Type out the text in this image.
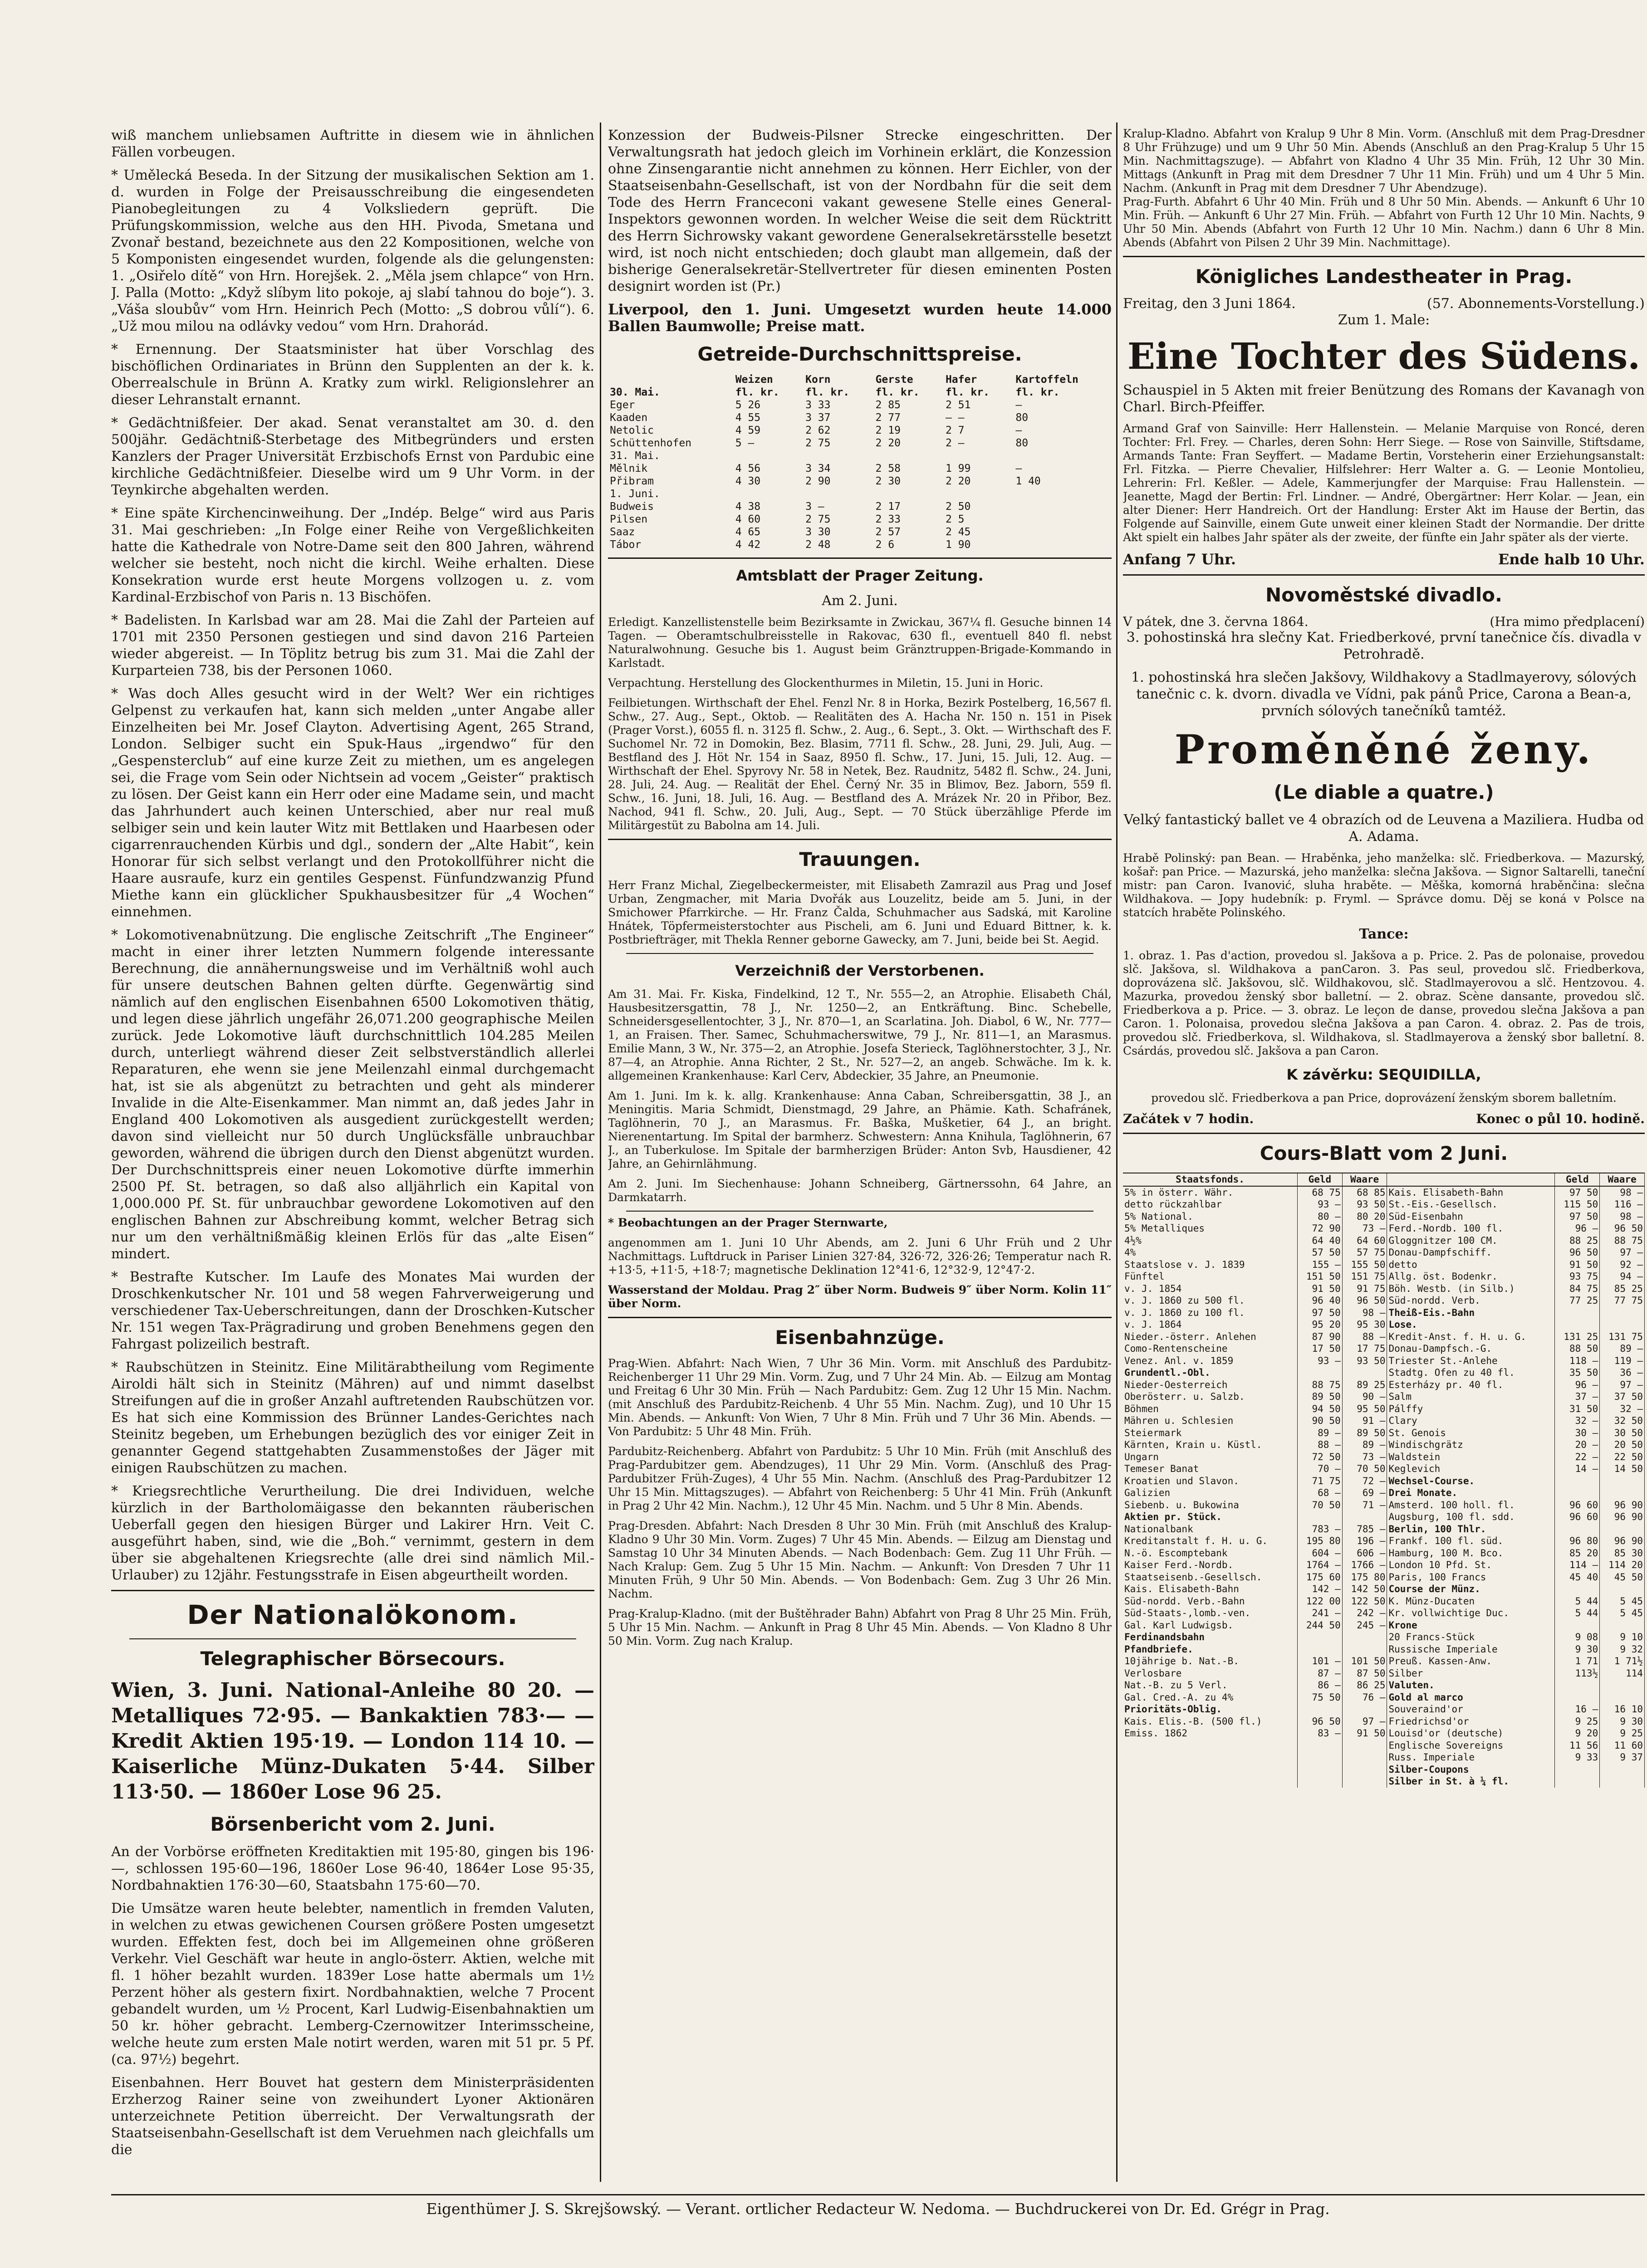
wiß manchem unliebsamen Auftritte in diesem wie in ähnlichen Fällen vorbeugen.

* Umělecká Beseda. In der Sitzung der musikalischen Sektion am 1. d. wurden in Folge der Preisausschreibung die eingesendeten Pianobegleitungen zu 4 Volksliedern geprüft. Die Prüfungskommission, welche aus den HH. Pivoda, Smetana und Zvonař bestand, bezeichnete aus den 22 Kompositionen, welche von 5 Komponisten eingesendet wurden, folgende als die gelungensten: 1. „Osiřelo dítě“ von Hrn. Horejšek. 2. „Měla jsem chlapce“ von Hrn. J. Palla (Motto: „Když slíbym lito pokoje, aj slabí tahnou do boje“). 3. „Váša sloubův“ vom Hrn. Heinrich Pech (Motto: „S dobrou vůlí“). 6. „Už mou milou na odlávky vedou“ vom Hrn. Drahorád.

* Ernennung. Der Staatsminister hat über Vorschlag des bischöflichen Ordinariates in Brünn den Supplenten an der k. k. Oberrealschule in Brünn A. Kratky zum wirkl. Religionslehrer an dieser Lehranstalt ernannt.

* Gedächtnißfeier. Der akad. Senat veranstaltet am 30. d. den 500jähr. Gedächtniß-Sterbetage des Mitbegründers und ersten Kanzlers der Prager Universität Erzbischofs Ernst von Pardubic eine kirchliche Gedächtnißfeier. Dieselbe wird um 9 Uhr Vorm. in der Teynkirche abgehalten werden.

* Eine späte Kirchencinweihung. Der „Indép. Belge“ wird aus Paris 31. Mai geschrieben: „In Folge einer Reihe von Vergeßlichkeiten hatte die Kathedrale von Notre-Dame seit den 800 Jahren, während welcher sie besteht, noch nicht die kirchl. Weihe erhalten. Diese Konsekration wurde erst heute Morgens vollzogen u. z. vom Kardinal-Erzbischof von Paris n. 13 Bischöfen.

* Badelisten. In Karlsbad war am 28. Mai die Zahl der Parteien auf 1701 mit 2350 Personen gestiegen und sind davon 216 Parteien wieder abgereist. — In Töplitz betrug bis zum 31. Mai die Zahl der Kurparteien 738, bis der Personen 1060.

* Was doch Alles gesucht wird in der Welt? Wer ein richtiges Gelpenst zu verkaufen hat, kann sich melden „unter Angabe aller Einzelheiten bei Mr. Josef Clayton. Advertising Agent, 265 Strand, London. Selbiger sucht ein Spuk-Haus „irgendwo“ für den „Gespensterclub“ auf eine kurze Zeit zu miethen, um es angelegen sei, die Frage vom Sein oder Nichtsein ad vocem „Geister“ praktisch zu lösen. Der Geist kann ein Herr oder eine Madame sein, und macht das Jahrhundert auch keinen Unterschied, aber nur real muß selbiger sein und kein lauter Witz mit Bettlaken und Haarbesen oder cigarrenrauchenden Kürbis und dgl., sondern der „Alte Habit“, kein Honorar für sich selbst verlangt und den Protokollführer nicht die Haare ausraufe, kurz ein gentiles Gespenst. Fünfundzwanzig Pfund Miethe kann ein glücklicher Spukhausbesitzer für „4 Wochen“ einnehmen.

* Lokomotivenabnützung. Die englische Zeitschrift „The Engineer“ macht in einer ihrer letzten Nummern folgende interessante Berechnung, die annähernungsweise und im Verhältniß wohl auch für unsere deutschen Bahnen gelten dürfte. Gegenwärtig sind nämlich auf den englischen Eisenbahnen 6500 Lokomotiven thätig, und legen diese jährlich ungefähr 26,071.200 geographische Meilen zurück. Jede Lokomotive läuft durchschnittlich 104.285 Meilen durch, unterliegt während dieser Zeit selbstverständlich allerlei Reparaturen, ehe wenn sie jene Meilenzahl einmal durchgemacht hat, ist sie als abgenützt zu betrachten und geht als minderer Invalide in die Alte-Eisenkammer. Man nimmt an, daß jedes Jahr in England 400 Lokomotiven als ausgedient zurückgestellt werden; davon sind vielleicht nur 50 durch Unglücksfälle unbrauchbar geworden, während die übrigen durch den Dienst abgenützt wurden. Der Durchschnittspreis einer neuen Lokomotive dürfte immerhin 2500 Pf. St. betragen, so daß also alljährlich ein Kapital von 1,000.000 Pf. St. für unbrauchbar gewordene Lokomotiven auf den englischen Bahnen zur Abschreibung kommt, welcher Betrag sich nur um den verhältnißmäßig kleinen Erlös für das „alte Eisen“ mindert.

* Bestrafte Kutscher. Im Laufe des Monates Mai wurden der Droschkenkutscher Nr. 101 und 58 wegen Fahrverweigerung und verschiedener Tax-Ueberschreitungen, dann der Droschken-Kutscher Nr. 151 wegen Tax-Prägradirung und groben Benehmens gegen den Fahrgast polizeilich bestraft.

* Raubschützen in Steinitz. Eine Militärabtheilung vom Regimente Airoldi hält sich in Steinitz (Mähren) auf und nimmt daselbst Streifungen auf die in großer Anzahl auftretenden Raubschützen vor. Es hat sich eine Kommission des Brünner Landes-Gerichtes nach Steinitz begeben, um Erhebungen bezüglich des vor einiger Zeit in genannter Gegend stattgehabten Zusammenstoßes der Jäger mit einigen Raubschützen zu machen.

* Kriegsrechtliche Verurtheilung. Die drei Individuen, welche kürzlich in der Bartholomäigasse den bekannten räuberischen Ueberfall gegen den hiesigen Bürger und Lakirer Hrn. Veit C. ausgeführt haben, sind, wie die „Boh.“ vernimmt, gestern in dem über sie abgehaltenen Kriegsrechte (alle drei sind nämlich Mil.-Urlauber) zu 12jähr. Festungsstrafe in Eisen abgeurtheilt worden.

Der Nationalökonom.
Telegraphischer Börsecours.
Wien, 3. Juni. National-Anleihe 80 20. — Metalliques 72·95. — Bankaktien 783·— — Kredit Aktien 195·19. — London 114 10. — Kaiserliche Münz-Dukaten 5·44. Silber 113·50. — 1860er Lose 96 25.
Börsenbericht vom 2. Juni.

An der Vorbörse eröffneten Kreditaktien mit 195·80, gingen bis 196·—, schlossen 195·60—196, 1860er Lose 96·40, 1864er Lose 95·35, Nordbahnaktien 176·30—60, Staatsbahn 175·60—70.

Die Umsätze waren heute belebter, namentlich in fremden Valuten, in welchen zu etwas gewichenen Coursen größere Posten umgesetzt wurden. Effekten fest, doch bei im Allgemeinen ohne größeren Verkehr. Viel Geschäft war heute in anglo-österr. Aktien, welche mit fl. 1 höher bezahlt wurden. 1839er Lose hatte abermals um 1½ Perzent höher als gestern fixirt. Nordbahnaktien, welche 7 Procent gebandelt wurden, um ½ Procent, Karl Ludwig-Eisenbahnaktien um 50 kr. höher gebracht. Lemberg-Czernowitzer Interimsscheine, welche heute zum ersten Male notirt werden, waren mit 51 pr. 5 Pf. (ca. 97½) begehrt.

Eisenbahnen. Herr Bouvet hat gestern dem Ministerpräsidenten Erzherzog Rainer seine von zweihundert Lyoner Aktionären unterzeichnete Petition überreicht. Der Verwaltungsrath der Staatseisenbahn-Gesellschaft ist dem Veruehmen nach gleichfalls um die

Konzession der Budweis-Pilsner Strecke eingeschritten. Der Verwaltungsrath hat jedoch gleich im Vorhinein erklärt, die Konzession ohne Zinsengarantie nicht annehmen zu können. Herr Eichler, von der Staatseisenbahn-Gesellschaft, ist von der Nordbahn für die seit dem Tode des Herrn Franceconi vakant gewesene Stelle eines General-Inspektors gewonnen worden. In welcher Weise die seit dem Rücktritt des Herrn Sichrowsky vakant gewordene Generalsekretärsstelle besetzt wird, ist noch nicht entschieden; doch glaubt man allgemein, daß der bisherige Generalsekretär-Stellvertreter für diesen eminenten Posten designirt worden ist (Pr.)

Liverpool, den 1. Juni. Umgesetzt wurden heute 14.000 Ballen Baumwolle; Preise matt.

Getreide-Durchschnittspreise.
	Weizen	Korn	Gerste	Hafer	Kartoffeln
30. Mai.	fl. kr.	fl. kr.	fl. kr.	fl. kr.	fl. kr.
Eger	5 26	3 33	2 85	2 51	—
Kaaden	4 55	3 37	2 77	— —	80
Netolic	4 59	2 62	2 19	2 7	—
Schüttenhofen	5 —	2 75	2 20	2 —	80
31. Mai.					
Mělnik	4 56	3 34	2 58	1 99	—
Přibram	4 30	2 90	2 30	2 20	1 40
1. Juni.					
Budweis	4 38	3 —	2 17	2 50	
Pilsen	4 60	2 75	2 33	2 5	
Saaz	4 65	3 30	2 57	2 45	
Tábor	4 42	2 48	2 6	1 90	
Amtsblatt der Prager Zeitung.

Am 2. Juni.

Erledigt. Kanzellistenstelle beim Bezirksamte in Zwickau, 367¼ fl. Gesuche binnen 14 Tagen. — Oberamtschulbreisstelle in Rakovac, 630 fl., eventuell 840 fl. nebst Naturalwohnung. Gesuche bis 1. August beim Gränztruppen-Brigade-Kommando in Karlstadt.

Verpachtung. Herstellung des Glockenthurmes in Miletin, 15. Juni in Horic.

Feilbietungen. Wirthschaft der Ehel. Fenzl Nr. 8 in Horka, Bezirk Postelberg, 16,567 fl. Schw., 27. Aug., Sept., Oktob. — Realitäten des A. Hacha Nr. 150 n. 151 in Pisek (Prager Vorst.), 6055 fl. n. 3125 fl. Schw., 2. Aug., 6. Sept., 3. Okt. — Wirthschaft des F. Suchomel Nr. 72 in Domokin, Bez. Blasim, 7711 fl. Schw., 28. Juni, 29. Juli, Aug. — Bestfland des J. Höt Nr. 154 in Saaz, 8950 fl. Schw., 17. Juni, 15. Juli, 12. Aug. — Wirthschaft der Ehel. Spyrovy Nr. 58 in Netek, Bez. Raudnitz, 5482 fl. Schw., 24. Juni, 28. Juli, 24. Aug. — Realität der Ehel. Černý Nr. 35 in Blimov, Bez. Jaborn, 559 fl. Schw., 16. Juni, 18. Juli, 16. Aug. — Bestfland des A. Mrázek Nr. 20 in Přibor, Bez. Nachod, 941 fl. Schw., 20. Juli, Aug., Sept. — 70 Stück überzählige Pferde im Militärgestüt zu Babolna am 14. Juli.

Trauungen.

Herr Franz Michal, Ziegelbeckermeister, mit Elisabeth Zamrazil aus Prag und Josef Urban, Zengmacher, mit Maria Dvořák aus Louzelitz, beide am 5. Juni, in der Smichower Pfarrkirche. — Hr. Franz Čalda, Schuhmacher aus Sadská, mit Karoline Hnátek, Töpfermeisterstochter aus Pischeli, am 6. Juni und Eduard Bittner, k. k. Postbriefträger, mit Thekla Renner geborne Gawecky, am 7. Juni, beide bei St. Aegid.

Verzeichniß der Verstorbenen.

Am 31. Mai. Fr. Kiska, Findelkind, 12 T., Nr. 555—2, an Atrophie. Elisabeth Chál, Hausbesitzersgattin, 78 J., Nr. 1250—2, an Entkräftung. Binc. Schebelle, Schneidersgesellentochter, 3 J., Nr. 870—1, an Scarlatina. Joh. Diabol, 6 W., Nr. 777—1, an Fraisen. Ther. Samec, Schuhmacherswitwe, 79 J., Nr. 811—1, an Marasmus. Emilie Mann, 3 W., Nr. 375—2, an Atrophie. Josefa Sterieck, Taglöhnerstochter, 3 J., Nr. 87—4, an Atrophie. Anna Richter, 2 St., Nr. 527—2, an angeb. Schwäche. Im k. k. allgemeinen Krankenhause: Karl Cerv, Abdeckier, 35 Jahre, an Pneumonie.

Am 1. Juni. Im k. k. allg. Krankenhause: Anna Caban, Schreibersgattin, 38 J., an Meningitis. Maria Schmidt, Dienstmagd, 29 Jahre, an Phämie. Kath. Schafránek, Taglöhnerin, 70 J., an Marasmus. Fr. Baška, Mušketier, 64 J., an bright. Nierenentartung. Im Spital der barmherz. Schwestern: Anna Knihula, Taglöhnerin, 67 J., an Tuberkulose. Im Spitale der barmherzigen Brüder: Anton Svb, Hausdiener, 42 Jahre, an Gehirnlähmung.

Am 2. Juni. Im Siechenhause: Johann Schneiberg, Gärtnerssohn, 64 Jahre, an Darmkatarrh.

* Beobachtungen an der Prager Sternwarte,

angenommen am 1. Juni 10 Uhr Abends, am 2. Juni 6 Uhr Früh und 2 Uhr Nachmittags. Luftdruck in Pariser Linien 327·84, 326·72, 326·26; Temperatur nach R. +13·5, +11·5, +18·7; magnetische Deklination 12°41·6, 12°32·9, 12°47·2.

Wasserstand der Moldau. Prag 2″ über Norm. Budweis 9″ über Norm. Kolin 11″ über Norm.

Eisenbahnzüge.

Prag-Wien. Abfahrt: Nach Wien, 7 Uhr 36 Min. Vorm. mit Anschluß des Pardubitz-Reichenberger 11 Uhr 29 Min. Vorm. Zug, und 7 Uhr 24 Min. Ab. — Eilzug am Montag und Freitag 6 Uhr 30 Min. Früh — Nach Pardubitz: Gem. Zug 12 Uhr 15 Min. Nachm. (mit Anschluß des Pardubitz-Reichenb. 4 Uhr 55 Min. Nachm. Zug), und 10 Uhr 15 Min. Abends. — Ankunft: Von Wien, 7 Uhr 8 Min. Früh und 7 Uhr 36 Min. Abends. — Von Pardubitz: 5 Uhr 48 Min. Früh.

Pardubitz-Reichenberg. Abfahrt von Pardubitz: 5 Uhr 10 Min. Früh (mit Anschluß des Prag-Pardubitzer gem. Abendzuges), 11 Uhr 29 Min. Vorm. (Anschluß des Prag-Pardubitzer Früh-Zuges), 4 Uhr 55 Min. Nachm. (Anschluß des Prag-Pardubitzer 12 Uhr 15 Min. Mittagszuges). — Abfahrt von Reichenberg: 5 Uhr 41 Min. Früh (Ankunft in Prag 2 Uhr 42 Min. Nachm.), 12 Uhr 45 Min. Nachm. und 5 Uhr 8 Min. Abends.

Prag-Dresden. Abfahrt: Nach Dresden 8 Uhr 30 Min. Früh (mit Anschluß des Kralup-Kladno 9 Uhr 30 Min. Vorm. Zuges) 7 Uhr 45 Min. Abends. — Eilzug am Dienstag und Samstag 10 Uhr 34 Minuten Abends. — Nach Bodenbach: Gem. Zug 11 Uhr Früh. — Nach Kralup: Gem. Zug 5 Uhr 15 Min. Nachm. — Ankunft: Von Dresden 7 Uhr 11 Minuten Früh, 9 Uhr 50 Min. Abends. — Von Bodenbach: Gem. Zug 3 Uhr 26 Min. Nachm.

Prag-Kralup-Kladno. (mit der Buštěhrader Bahn) Abfahrt von Prag 8 Uhr 25 Min. Früh, 5 Uhr 15 Min. Nachm. — Ankunft in Prag 8 Uhr 45 Min. Abends. — Von Kladno 8 Uhr 50 Min. Vorm. Zug nach Kralup.

Kralup-Kladno. Abfahrt von Kralup 9 Uhr 8 Min. Vorm. (Anschluß mit dem Prag-Dresdner 8 Uhr Frühzuge) und um 9 Uhr 50 Min. Abends (Anschluß an den Prag-Kralup 5 Uhr 15 Min. Nachmittagszuge). — Abfahrt von Kladno 4 Uhr 35 Min. Früh, 12 Uhr 30 Min. Mittags (Ankunft in Prag mit dem Dresdner 7 Uhr 11 Min. Früh) und um 4 Uhr 5 Min. Nachm. (Ankunft in Prag mit dem Dresdner 7 Uhr Abendzuge).
Prag-Furth. Abfahrt 6 Uhr 40 Min. Früh und 8 Uhr 50 Min. Abends. — Ankunft 6 Uhr 10 Min. Früh. — Ankunft 6 Uhr 27 Min. Früh. — Abfahrt von Furth 12 Uhr 10 Min. Nachts, 9 Uhr 50 Min. Abends (Abfahrt von Furth 12 Uhr 10 Min. Nachm.) dann 6 Uhr 8 Min. Abends (Abfahrt von Pilsen 2 Uhr 39 Min. Nachmittage).

Königliches Landestheater in Prag.
Freitag, den 3 Juni 1864.	(57. Abonnements-Vorstellung.)

Zum 1. Male:

Eine Tochter des Südens.

Schauspiel in 5 Akten mit freier Benützung des Romans der Kavanagh von Charl. Birch-Pfeiffer.

Armand Graf von Sainville: Herr Hallenstein. — Melanie Marquise von Roncé, deren Tochter: Frl. Frey. — Charles, deren Sohn: Herr Siege. — Rose von Sainville, Stiftsdame, Armands Tante: Fran Seyffert. — Madame Bertin, Vorsteherin einer Erziehungsanstalt: Frl. Fitzka. — Pierre Chevalier, Hilfslehrer: Herr Walter a. G. — Leonie Montolieu, Lehrerin: Frl. Keßler. — Adele, Kammerjungfer der Marquise: Frau Hallenstein. — Jeanette, Magd der Bertin: Frl. Lindner. — André, Obergärtner: Herr Kolar. — Jean, ein alter Diener: Herr Handreich. Ort der Handlung: Erster Akt im Hause der Bertin, das Folgende auf Sainville, einem Gute unweit einer kleinen Stadt der Normandie. Der dritte Akt spielt ein halbes Jahr später als der zweite, der fünfte ein Jahr später als der vierte.

Anfang 7 Uhr.	Ende halb 10 Uhr.
Novoměstské divadlo.
V pátek, dne 3. června 1864.	(Hra mimo předplacení)

3. pohostinská hra slečny Kat. Friedberkové, první tanečnice čís. divadla v Petrohradě.

1. pohostinská hra slečen Jakšovy, Wildhakovy a Stadlmayerovy, sólových tanečnic c. k. dvorn. divadla ve Vídni, pak pánů Price, Carona a Bean-a, prvních sólových tanečníků tamtéž.

Proměněné ženy.
(Le diable a quatre.)

Velký fantastický ballet ve 4 obrazích od de Leuvena a Maziliera. Hudba od A. Adama.

Hrabě Polinský: pan Bean. — Hraběnka, jeho manželka: slč. Friedberkova. — Mazurský, košař: pan Price. — Mazurská, jeho manželka: slečna Jakšova. — Signor Saltarelli, taneční mistr: pan Caron. Ivanović, sluha hraběte. — Měška, komorná hraběnčina: slečna Wildhakova. — Jopy hudebník: p. Fryml. — Správce domu. Děj se koná v Polsce na statcích hraběte Polinského.

Tance:

1. obraz. 1. Pas d'action, provedou sl. Jakšova a p. Price. 2. Pas de polonaise, provedou slč. Jakšova, sl. Wildhakova a panCaron. 3. Pas seul, provedou slč. Friedberkova, doprovázena slč. Jakšovou, slč. Wildhakovou, slč. Stadlmayerovou a slč. Hentzovou. 4. Mazurka, provedou ženský sbor balletní. — 2. obraz. Scène dansante, provedou slč. Friedberkova a p. Price. — 3. obraz. Le leçon de danse, provedou slečna Jakšova a pan Caron. 1. Polonaisa, provedou slečna Jakšova a pan Caron. 4. obraz. 2. Pas de trois, provedou slč. Friedberkova, sl. Wildhakova, sl. Stadlmayerova a ženský sbor balletní. 8. Csárdás, provedou slč. Jakšova a pan Caron.

K závěrku: SEQUIDILLA,

provedou slč. Friedberkova a pan Price, doprovázení ženským sborem balletním.

Začátek v 7 hodin.	Konec o půl 10. hodině.
Cours-Blatt vom 2 Juni.
Staatsfonds.	Geld	Waare		Geld	Waare
5% in österr. Währ.	68 75	68 85	Kais. Elisabeth-Bahn	97 50	98 —
detto rückzahlbar	93 —	93 50	St.-Eis.-Gesellsch.	115 50	116 —
5% National.	80 —	80 20	Süd-Eisenbahn	97 50	98 —
5% Metalliques	72 90	73 —	Ferd.-Nordb. 100 fl.	96 —	96 50
4½%	64 40	64 60	Gloggnitzer 100 CM.	88 25	88 75
4%	57 50	57 75	Donau-Dampfschiff.	96 50	97 —
Staatslose v. J. 1839	155 —	155 50	detto	91 50	92 —
Fünftel	151 50	151 75	Allg. öst. Bodenkr.	93 75	94 —
v. J. 1854	91 50	91 75	Böh. Westb. (in Silb.)	84 75	85 25
v. J. 1860 zu 500 fl.	96 40	96 50	Süd-nordd. Verb.	77 25	77 75
v. J. 1860 zu 100 fl.	97 50	98 —	Theiß-Eis.-Bahn		
v. J. 1864	95 20	95 30	Lose.		
Nieder.-österr. Anlehen	87 90	88 —	Kredit-Anst. f. H. u. G.	131 25	131 75
Como-Rentenscheine	17 50	17 75	Donau-Dampfsch.-G.	88 50	89 —
Venez. Anl. v. 1859	93 —	93 50	Triester St.-Anlehe	118 —	119 —
Grundentl.-Obl.			Stadtg. Ofen zu 40 fl.	35 50	36 —
Nieder-Oesterreich	88 75	89 25	Esterházy pr. 40 fl.	96 —	97 —
Oberösterr. u. Salzb.	89 50	90 —	Salm	37 —	37 50
Böhmen	94 50	95 50	Pálffy	31 50	32 —
Mähren u. Schlesien	90 50	91 —	Clary	32 —	32 50
Steiermark	89 —	89 50	St. Genois	30 —	30 50
Kärnten, Krain u. Küstl.	88 —	89 —	Windischgrätz	20 —	20 50
Ungarn	72 50	73 —	Waldstein	22 —	22 50
Temeser Banat	70 —	70 50	Keglevich	14 —	14 50
Kroatien und Slavon.	71 75	72 —	Wechsel-Course.		
Galizien	68 —	69 —	Drei Monate.		
Siebenb. u. Bukowina	70 50	71 —	Amsterd. 100 holl. fl.	96 60	96 90
Aktien pr. Stück.			Augsburg, 100 fl. sdd.	96 60	96 90
Nationalbank	783 —	785 —	Berlin, 100 Thlr.		
Kreditanstalt f. H. u. G.	195 80	196 —	Frankf. 100 fl. süd.	96 80	96 90
N.-ö. Escomptebank	604 —	606 —	Hamburg, 100 M. Bco.	85 20	85 30
Kaiser Ferd.-Nordb.	1764 —	1766 —	London 10 Pfd. St.	114 —	114 20
Staatseisenb.-Gesellsch.	175 60	175 80	Paris, 100 Francs	45 40	45 50
Kais. Elisabeth-Bahn	142 —	142 50	Course der Münz.		
Süd-nordd. Verb.-Bahn	122 00	122 50	K. Münz-Ducaten	5 44	5 45
Süd-Staats-,lomb.-ven.	241 —	242 —	Kr. vollwichtige Duc.	5 44	5 45
Gal. Karl Ludwigsb.	244 50	245 —	Krone		
Ferdinandsbahn			20 Francs-Stück	9 08	9 10
Pfandbriefe.			Russische Imperiale	9 30	9 32
10jährige b. Nat.-B.	101 —	101 50	Preuß. Kassen-Anw.	1 71	1 71½
Verlosbare	87 —	87 50	Silber	113½	114
Nat.-B. zu 5 Verl.	86 —	86 25	Valuten.		
Gal. Cred.-A. zu 4%	75 50	76 —	Gold al marco		
Prioritäts-Oblig.			Souveraind'or	16 —	16 10
Kais. Elis.-B. (500 fl.)	96 50	97 —	Friedrichsd'or	9 25	9 30
Emiss. 1862	83 —	91 50	Louisd'or (deutsche)	9 20	9 25
			Englische Sovereigns	11 56	11 60
			Russ. Imperiale	9 33	9 37
			Silber-Coupons		
			Silber in St. à ¼ fl.		
Eigenthümer J. S. Skrejšowský. — Verant. ortlicher Redacteur W. Nedoma. — Buchdruckerei von Dr. Ed. Grégr in Prag.
